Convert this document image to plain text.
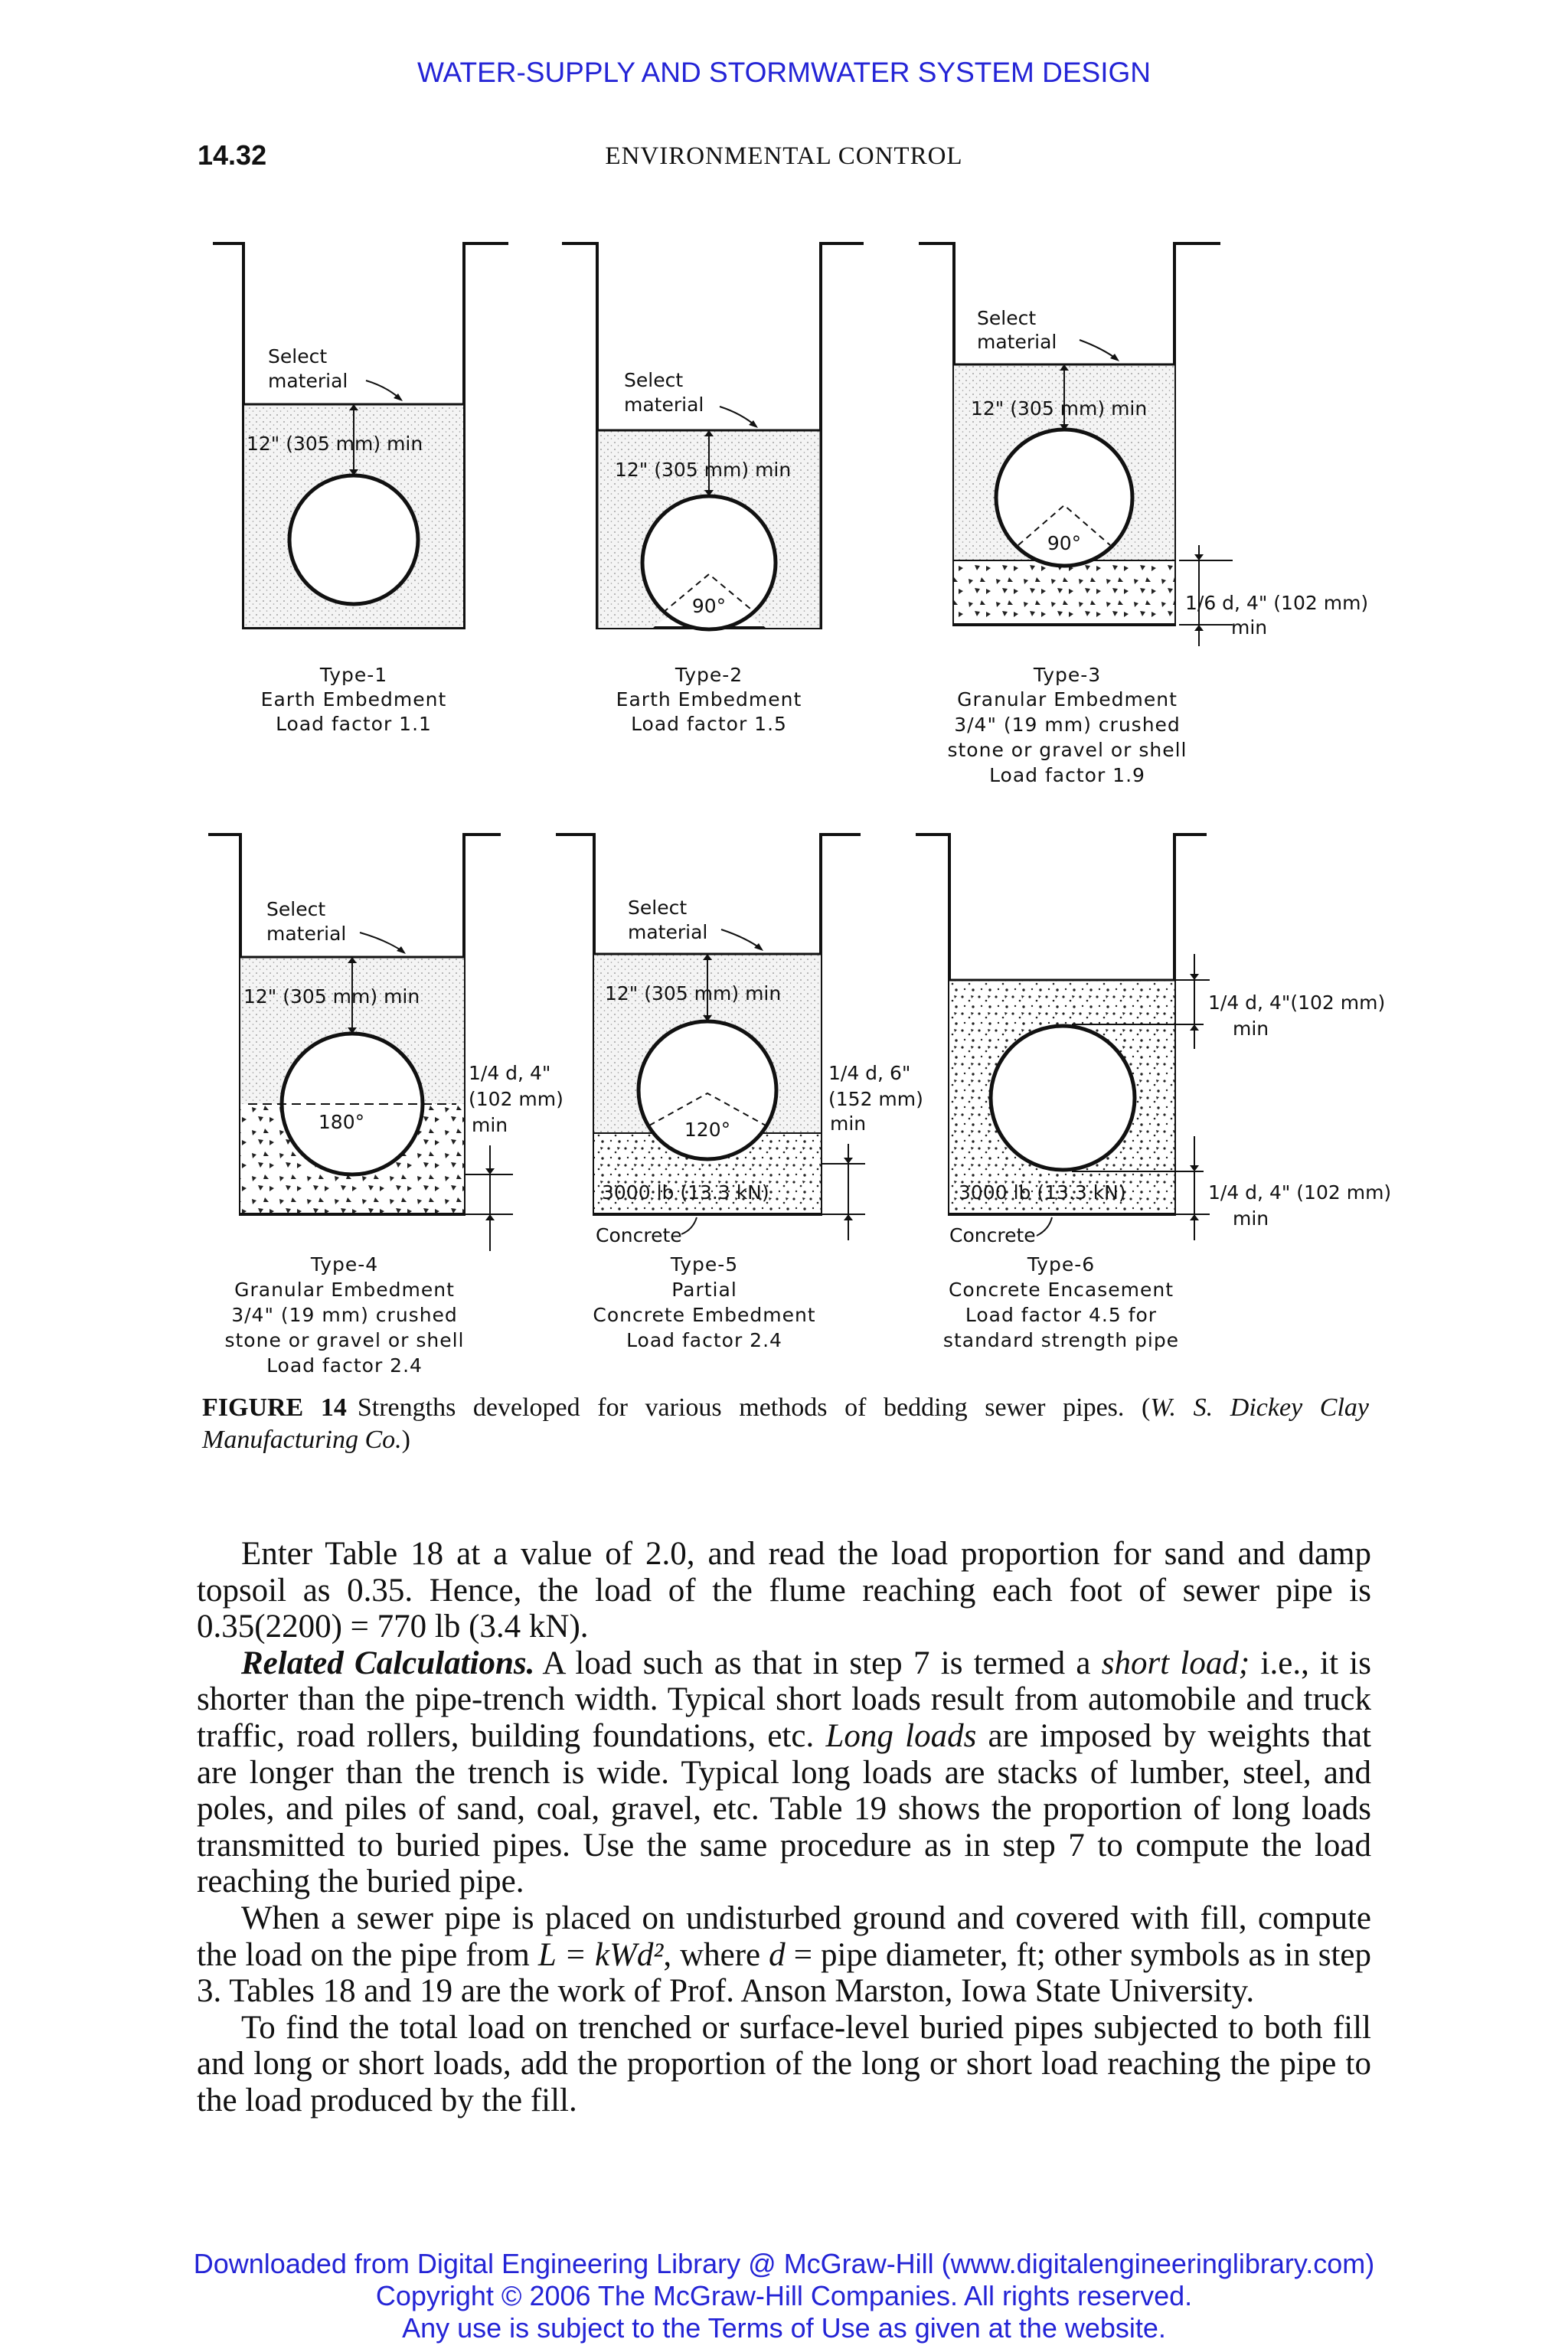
WATER-SUPPLY AND STORMWATER SYSTEM DESIGN
14.32	ENVIRONMENTAL CONTROL
Select
material
12" (305 mm) min
Type-1
Earth Embedment
Load factor 1.1
Select
material
12" (305 mm) min
90°
Type-2
Earth Embedment
Load factor 1.5
Select
material
12" (305 mm) min
90°
1/6 d, 4" (102 mm)
min
Type-3
Granular Embedment
3/4" (19 mm) crushed
stone or gravel or shell
Load factor 1.9
Select
material
12" (305 mm) min
180°
1/4 d, 4"
(102 mm)
min
Type-4
Granular Embedment
3/4" (19 mm) crushed
stone or gravel or shell
Load factor 2.4
Select
material
12" (305 mm) min
120°
1/4 d, 6"
(152 mm)
min
3000 lb (13.3 kN)
Concrete
Type-5
Partial
Concrete Embedment
Load factor 2.4
1/4 d, 4"(102 mm)
min
1/4 d, 4" (102 mm)
min
3000 lb (13.3 kN)
Concrete
Type-6
Concrete Encasement
Load factor 4.5 for
standard strength pipe
FIGURE 14 Strengths developed for various methods of bedding sewer pipes. (W. S. Dickey Clay Manufacturing Co.)

Enter Table 18 at a value of 2.0, and read the load proportion for sand and damp topsoil as 0.35. Hence, the load of the flume reaching each foot of sewer pipe is 0.35(2200) = 770 lb (3.4 kN).

Related Calculations. A load such as that in step 7 is termed a short load; i.e., it is shorter than the pipe-trench width. Typical short loads result from automobile and truck traffic, road rollers, building foundations, etc. Long loads are imposed by weights that are longer than the trench is wide. Typical long loads are stacks of lumber, steel, and poles, and piles of sand, coal, gravel, etc. Table 19 shows the proportion of long loads transmitted to buried pipes. Use the same procedure as in step 7 to compute the load reaching the buried pipe.

When a sewer pipe is placed on undisturbed ground and covered with fill, compute the load on the pipe from L = kWd², where d = pipe diameter, ft; other symbols as in step 3. Tables 18 and 19 are the work of Prof. Anson Marston, Iowa State University.

To find the total load on trenched or surface-level buried pipes subjected to both fill and long or short loads, add the proportion of the long or short load reaching the pipe to the load produced by the fill.

Downloaded from Digital Engineering Library @ McGraw-Hill (www.digitalengineeringlibrary.com)
Copyright © 2006 The McGraw-Hill Companies. All rights reserved.
Any use is subject to the Terms of Use as given at the website.
